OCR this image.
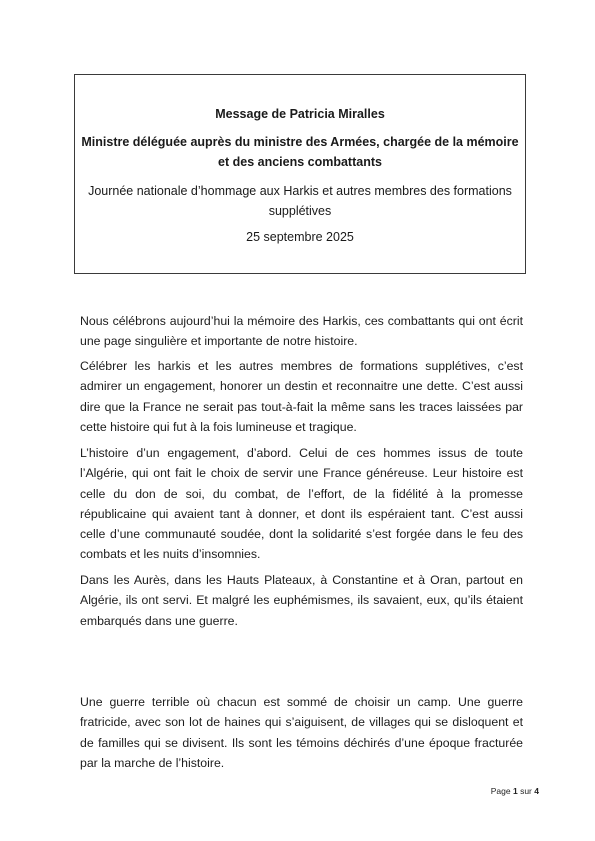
Message de Patricia Miralles
Ministre déléguée auprès du ministre des Armées, chargée de la mémoire et des anciens combattants
Journée nationale d’hommage aux Harkis et autres membres des formations supplétives
25 septembre 2025

Nous célébrons aujourd’hui la mémoire des Harkis, ces combattants qui ont écrit une page singulière et importante de notre histoire.

Célébrer les harkis et les autres membres de formations supplétives, c’est admirer un engagement, honorer un destin et reconnaitre une dette. C’est aussi dire que la France ne serait pas tout-à-fait la même sans les traces laissées par cette histoire qui fut à la fois lumineuse et tragique.

L’histoire d’un engagement, d’abord. Celui de ces hommes issus de toute l’Algérie, qui ont fait le choix de servir une France généreuse. Leur histoire est celle du don de soi, du combat, de l’effort, de la fidélité à la promesse républicaine qui avaient tant à donner, et dont ils espéraient tant. C’est aussi celle d’une communauté soudée, dont la solidarité s’est forgée dans le feu des combats et les nuits d’insomnies.

Dans les Aurès, dans les Hauts Plateaux, à Constantine et à Oran, partout en Algérie, ils ont servi. Et malgré les euphémismes, ils savaient, eux, qu’ils étaient embarqués dans une guerre.

Une guerre terrible où chacun est sommé de choisir un camp. Une guerre fratricide, avec son lot de haines qui s’aiguisent, de villages qui se disloquent et de familles qui se divisent. Ils sont les témoins déchirés d’une époque fracturée par la marche de l’histoire.

Page 1 sur 4
